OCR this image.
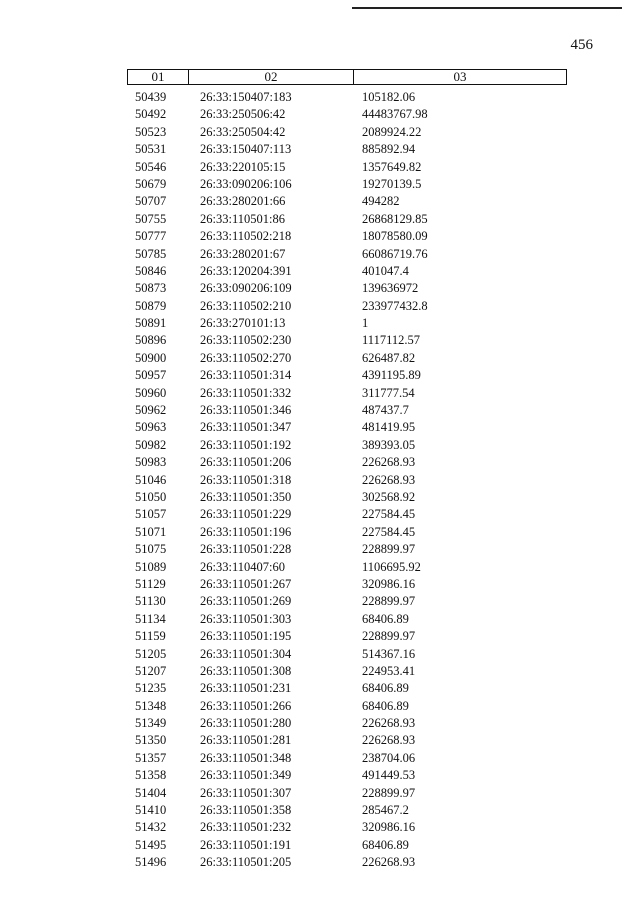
456
01	02	03
50439	26:33:150407:183	105182.06
50492	26:33:250506:42	44483767.98
50523	26:33:250504:42	2089924.22
50531	26:33:150407:113	885892.94
50546	26:33:220105:15	1357649.82
50679	26:33:090206:106	19270139.5
50707	26:33:280201:66	494282
50755	26:33:110501:86	26868129.85
50777	26:33:110502:218	18078580.09
50785	26:33:280201:67	66086719.76
50846	26:33:120204:391	401047.4
50873	26:33:090206:109	139636972
50879	26:33:110502:210	233977432.8
50891	26:33:270101:13	1
50896	26:33:110502:230	1117112.57
50900	26:33:110502:270	626487.82
50957	26:33:110501:314	4391195.89
50960	26:33:110501:332	311777.54
50962	26:33:110501:346	487437.7
50963	26:33:110501:347	481419.95
50982	26:33:110501:192	389393.05
50983	26:33:110501:206	226268.93
51046	26:33:110501:318	226268.93
51050	26:33:110501:350	302568.92
51057	26:33:110501:229	227584.45
51071	26:33:110501:196	227584.45
51075	26:33:110501:228	228899.97
51089	26:33:110407:60	1106695.92
51129	26:33:110501:267	320986.16
51130	26:33:110501:269	228899.97
51134	26:33:110501:303	68406.89
51159	26:33:110501:195	228899.97
51205	26:33:110501:304	514367.16
51207	26:33:110501:308	224953.41
51235	26:33:110501:231	68406.89
51348	26:33:110501:266	68406.89
51349	26:33:110501:280	226268.93
51350	26:33:110501:281	226268.93
51357	26:33:110501:348	238704.06
51358	26:33:110501:349	491449.53
51404	26:33:110501:307	228899.97
51410	26:33:110501:358	285467.2
51432	26:33:110501:232	320986.16
51495	26:33:110501:191	68406.89
51496	26:33:110501:205	226268.93
